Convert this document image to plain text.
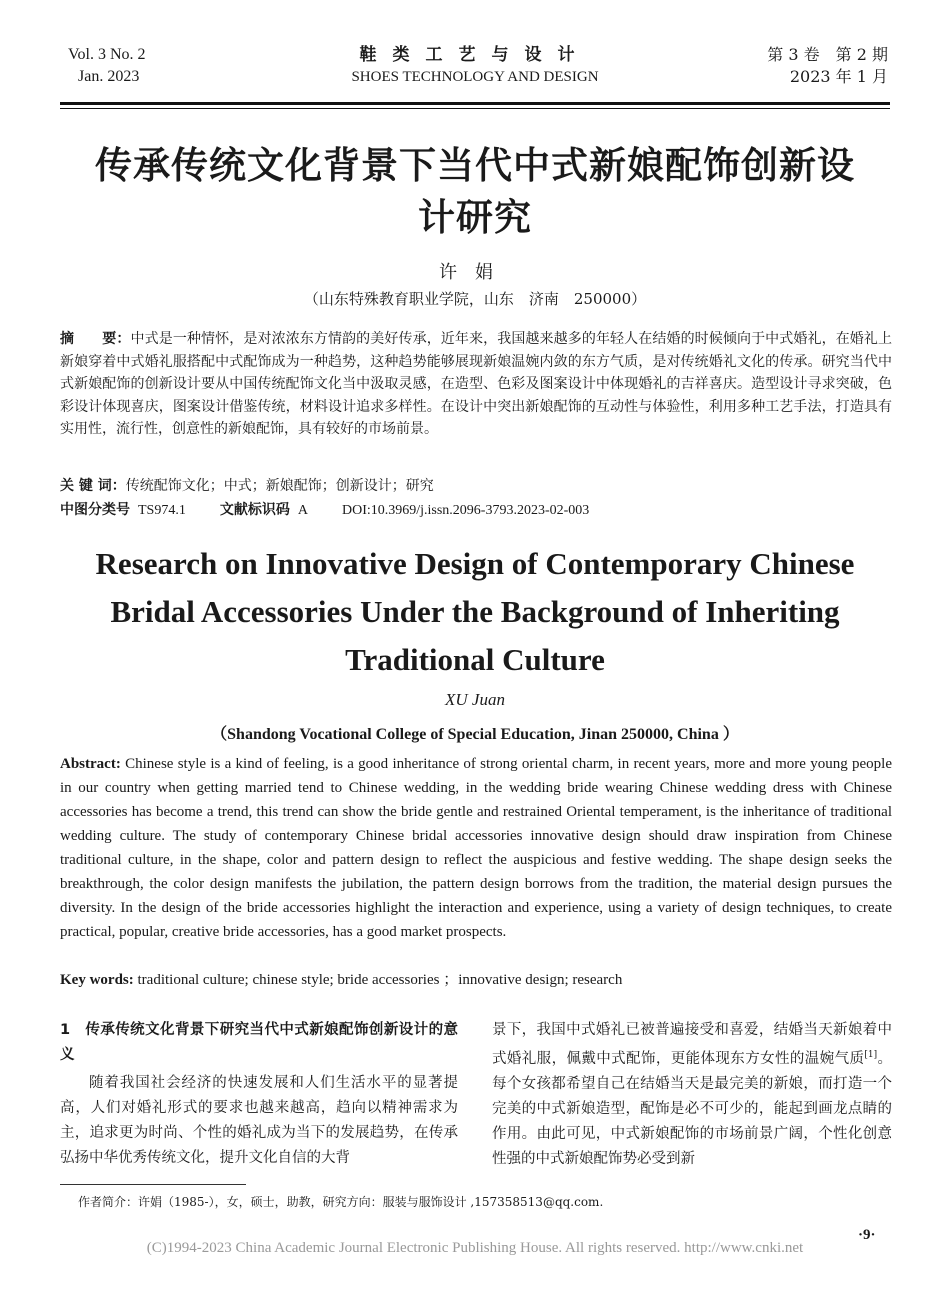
Vol. 3 No. 2
Jan. 2023
鞋类工艺与设计
SHOES TECHNOLOGY AND DESIGN
第 3 卷　第 2 期
2023 年 1 月
传承传统文化背景下当代中式新娘配饰创新设
计研究
许娟
（山东特殊教育职业学院，山东　济南　250000）
摘　　要：中式是一种情怀，是对浓浓东方情韵的美好传承，近年来，我国越来越多的年轻人在结婚的时候倾向于中式婚礼，在婚礼上新娘穿着中式婚礼服搭配中式配饰成为一种趋势，这种趋势能够展现新娘温婉内敛的东方气质，是对传统婚礼文化的传承。研究当代中式新娘配饰的创新设计要从中国传统配饰文化当中汲取灵感，在造型、色彩及图案设计中体现婚礼的吉祥喜庆。造型设计寻求突破，色彩设计体现喜庆，图案设计借鉴传统，材料设计追求多样性。在设计中突出新娘配饰的互动性与体验性，利用多种工艺手法，打造具有实用性，流行性，创意性的新娘配饰，具有较好的市场前景。
关 键 词：传统配饰文化；中式；新娘配饰；创新设计；研究
中图分类号 TS974.1 文献标识码 A DOI:10.3969/j.issn.2096-3793.2023-02-003
Research on Innovative Design of Contemporary Chinese
Bridal Accessories Under the Background of Inheriting
Traditional Culture
XU Juan
（Shandong Vocational College of Special Education, Jinan 250000, China ）
Abstract: Chinese style is a kind of feeling, is a good inheritance of strong oriental charm, in recent years, more and more young people in our country when getting married tend to Chinese wedding, in the wedding bride wearing Chinese wedding dress with Chinese accessories has become a trend, this trend can show the bride gentle and restrained Oriental temperament, is the inheritance of traditional wedding culture. The study of contemporary Chinese bridal accessories innovative design should draw inspiration from Chinese traditional culture, in the shape, color and pattern design to reflect the auspicious and festive wedding. The shape design seeks the breakthrough, the color design manifests the jubilation, the pattern design borrows from the tradition, the material design pursues the diversity. In the design of the bride accessories highlight the interaction and experience, using a variety of design techniques, to create practical, popular, creative bride accessories, has a good market prospects.
Key words: traditional culture; chinese style; bride accessories ；innovative design; research
1　传承传统文化背景下研究当代中式新娘配饰创新设计的意义

随着我国社会经济的快速发展和人们生活水平的显著提高，人们对婚礼形式的要求也越来越高，趋向以精神需求为主，追求更为时尚、个性的婚礼成为当下的发展趋势，在传承弘扬中华优秀传统文化，提升文化自信的大背

景下，我国中式婚礼已被普遍接受和喜爱，结婚当天新娘着中式婚礼服，佩戴中式配饰，更能体现东方女性的温婉气质[1]。每个女孩都希望自己在结婚当天是最完美的新娘，而打造一个完美的中式新娘造型，配饰是必不可少的，能起到画龙点睛的作用。由此可见，中式新娘配饰的市场前景广阔，个性化创意性强的中式新娘配饰势必受到新
作者简介：许娟（1985-），女，硕士，助教，研究方向：服装与服饰设计 ,157358513@qq.com.
·9·
(C)1994-2023 China Academic Journal Electronic Publishing House. All rights reserved. http://www.cnki.net
